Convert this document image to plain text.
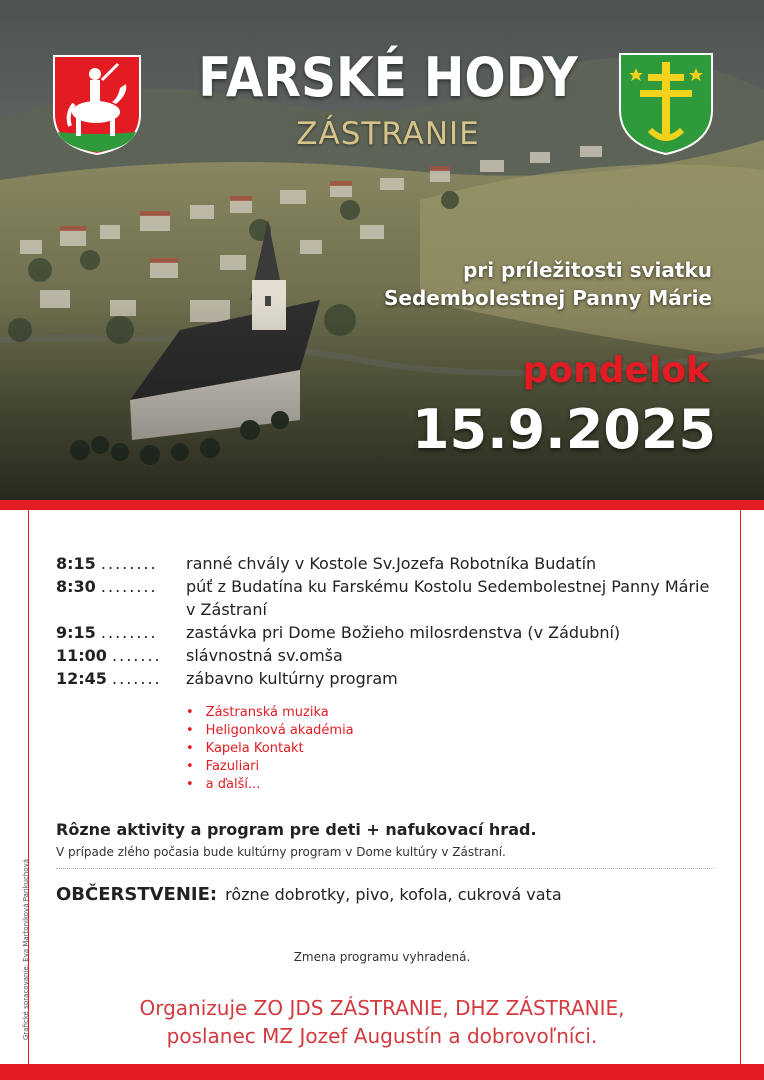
FARSKÉ HODY
ZÁSTRANIE
pri príležitosti sviatku
Sedembolestnej Panny Márie
pondelok
15.9.2025
Grafické spracovanie: Eva Martoniková Parikuchová
8:15 ........	ranné chvály v Kostole Sv.Jozefa Robotníka Budatín
8:30 ........	púť z Budatína ku Farskému Kostolu Sedembolestnej Panny Márie
v Zástraní
9:15 ........	zastávka pri Dome Božieho milosrdenstva (v Zádubní)
11:00 .......	slávnostná sv.omša
12:45 .......	zábavno kultúrny program
• Zástranská muzika
• Heligonková akadémia
• Kapela Kontakt
• Fazuliari
• a ďalší...
Rôzne aktivity a program pre deti + nafukovací hrad.
V prípade zlého počasia bude kultúrny program v Dome kultúry v Zástraní.
OBČERSTVENIE: rôzne dobrotky, pivo, kofola, cukrová vata
Zmena programu vyhradená.
Organizuje ZO JDS ZÁSTRANIE, DHZ ZÁSTRANIE,
poslanec MZ Jozef Augustín a dobrovoľníci.
